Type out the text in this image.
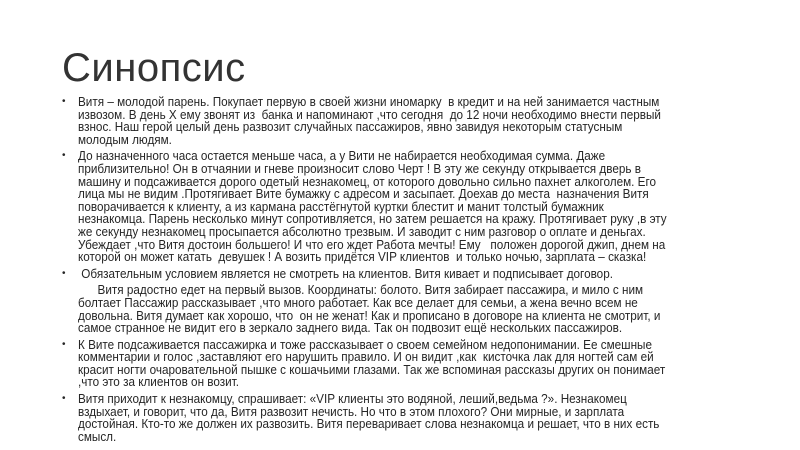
Синопсис
• Витя – молодой парень. Покупает первую в своей жизни иномарку  в кредит и на ней занимается частным
извозом. В день Х ему звонят из  банка и напоминают ,что сегодня  до 12 ночи необходимо внести первый
взнос. Наш герой целый день развозит случайных пассажиров, явно завидуя некоторым статусным
молодым людям.
• До назначенного часа остается меньше часа, а у Вити не набирается необходимая сумма. Даже
приблизительно! Он в отчаянии и гневе произносит слово Черт ! В эту же секунду открывается дверь в
машину и подсаживается дорого одетый незнакомец, от которого довольно сильно пахнет алкоголем. Его
лица мы не видим .Протягивает Вите бумажку с адресом и засыпает. Доехав до места  назначения Витя
поворачивается к клиенту, а из кармана расстёгнутой куртки блестит и манит толстый бумажник
незнакомца. Парень несколько минут сопротивляется, но затем решается на кражу. Протягивает руку ,в эту
же секунду незнакомец просыпается абсолютно трезвым. И заводит с ним разговор о оплате и деньгах.
Убеждает ,что Витя достоин большего! И что его ждет Работа мечты! Ему   положен дорогой джип, днем на
которой он может катать  девушек ! А возить придётся VIP клиентов  и только ночью, зарплата – сказка!
• Обязательным условием является не смотреть на клиентов. Витя кивает и подписывает договор.
Витя радостно едет на первый вызов. Координаты: болото. Витя забирает пассажира, и мило с ним
болтает Пассажир рассказывает ,что много работает. Как все делает для семьи, а жена вечно всем не
довольна. Витя думает как хорошо, что  он не женат! Как и прописано в договоре на клиента не смотрит, и
самое странное не видит его в зеркало заднего вида. Так он подвозит ещё нескольких пассажиров.
• К Вите подсаживается пассажирка и тоже рассказывает о своем семейном недопонимании. Ее смешные
комментарии и голос ,заставляют его нарушить правило. И он видит ,как  кисточка лак для ногтей сам ей
красит ногти очаровательной пышке с кошачьими глазами. Так же вспоминая рассказы других он понимает
,что это за клиентов он возит.
• Витя приходит к незнакомцу, спрашивает: «VIP клиенты это водяной, леший,ведьма ?». Незнакомец
вздыхает, и говорит, что да, Витя развозит нечисть. Но что в этом плохого? Они мирные, и зарплата
достойная. Кто-то же должен их развозить. Витя переваривает слова незнакомца и решает, что в них есть
смысл.
